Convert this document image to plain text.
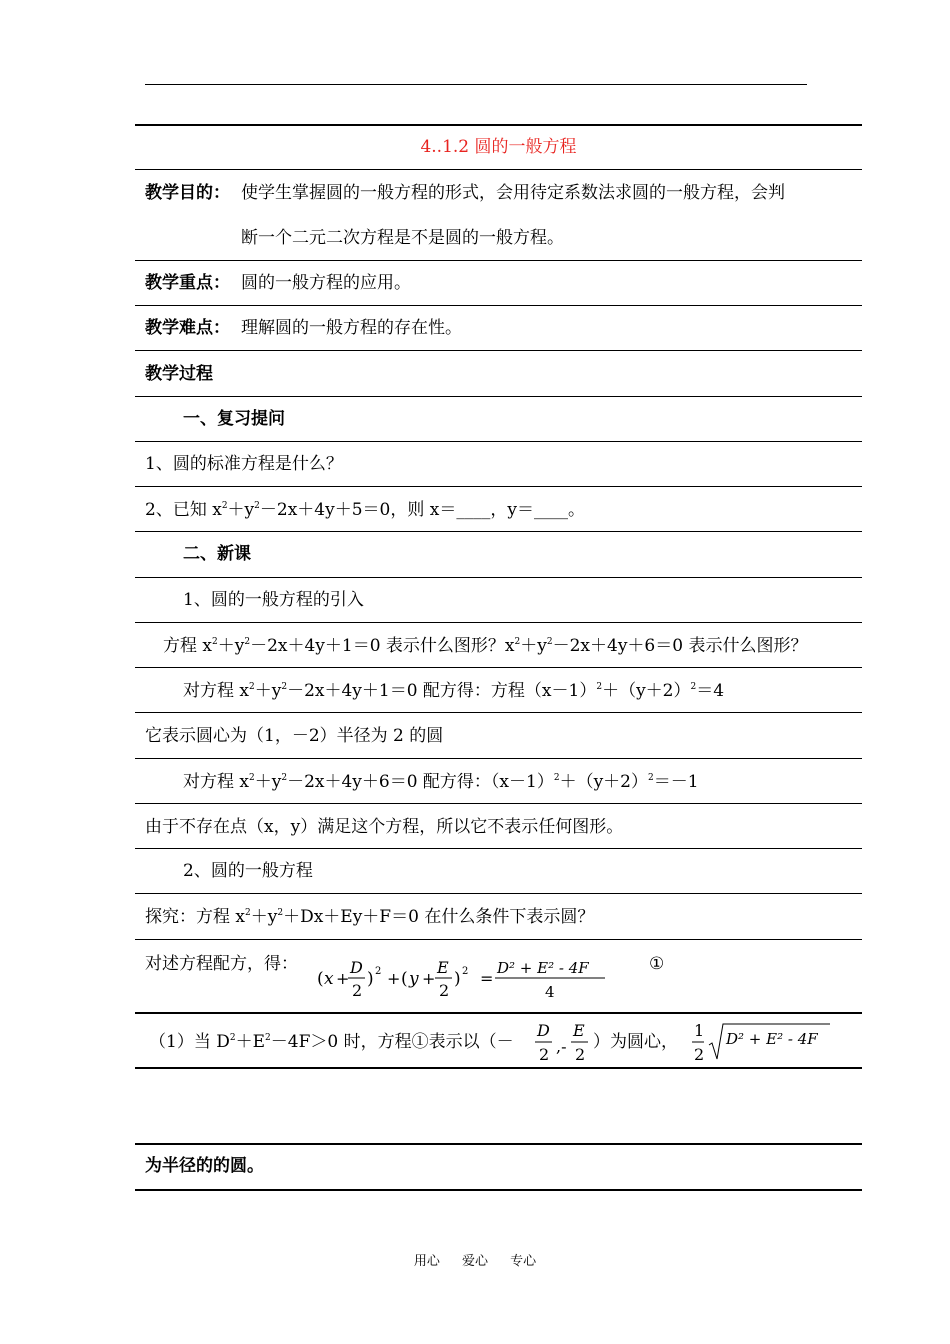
4..1.2 圆的一般方程
教学目的： 使学生掌握圆的一般方程的形式，会用待定系数法求圆的一般方程，会判
断一个二元二次方程是不是圆的一般方程。
教学重点： 圆的一般方程的应用。
教学难点： 理解圆的一般方程的存在性。
教学过程
一、复习提问
1、圆的标准方程是什么？
2、已知 $x^2+y^2-2x+4y+5=0$，则 x＝____，y＝____。
二、新课
1、圆的一般方程的引入
方程 $x^2+y^2-2x+4y+1=0$ 表示什么图形？$x^2+y^2-2x+4y+6=0$ 表示什么图形？
对方程 $x^2+y^2-2x+4y+1=0$ 配方得：方程$(x-1)^2+(y+2)^2=4$
它表示圆心为（1，－2）半径为 2 的圆
对方程 $x^2+y^2-2x+4y+6=0$ 配方得：$(x-1)^2+(y+2)^2=-1$
由于不存在点（x，y）满足这个方程，所以它不表示任何图形。
2、圆的一般方程
探究：方程 $x^2+y^2+Dx+Ey+F=0$ 在什么条件下表示圆？
对述方程配方，得：
( x +
D
2
) 2 + ( y +
E
2
) 2 =
D² + E² - 4F
4
①
（1）当 $D^2+E^2-4F>0$ 时，方程①表示以（－
D
2 ,-
E
2
）为圆心，
1
2
D² + E² - 4F
为半径的的圆。
用心 爱心 专心
